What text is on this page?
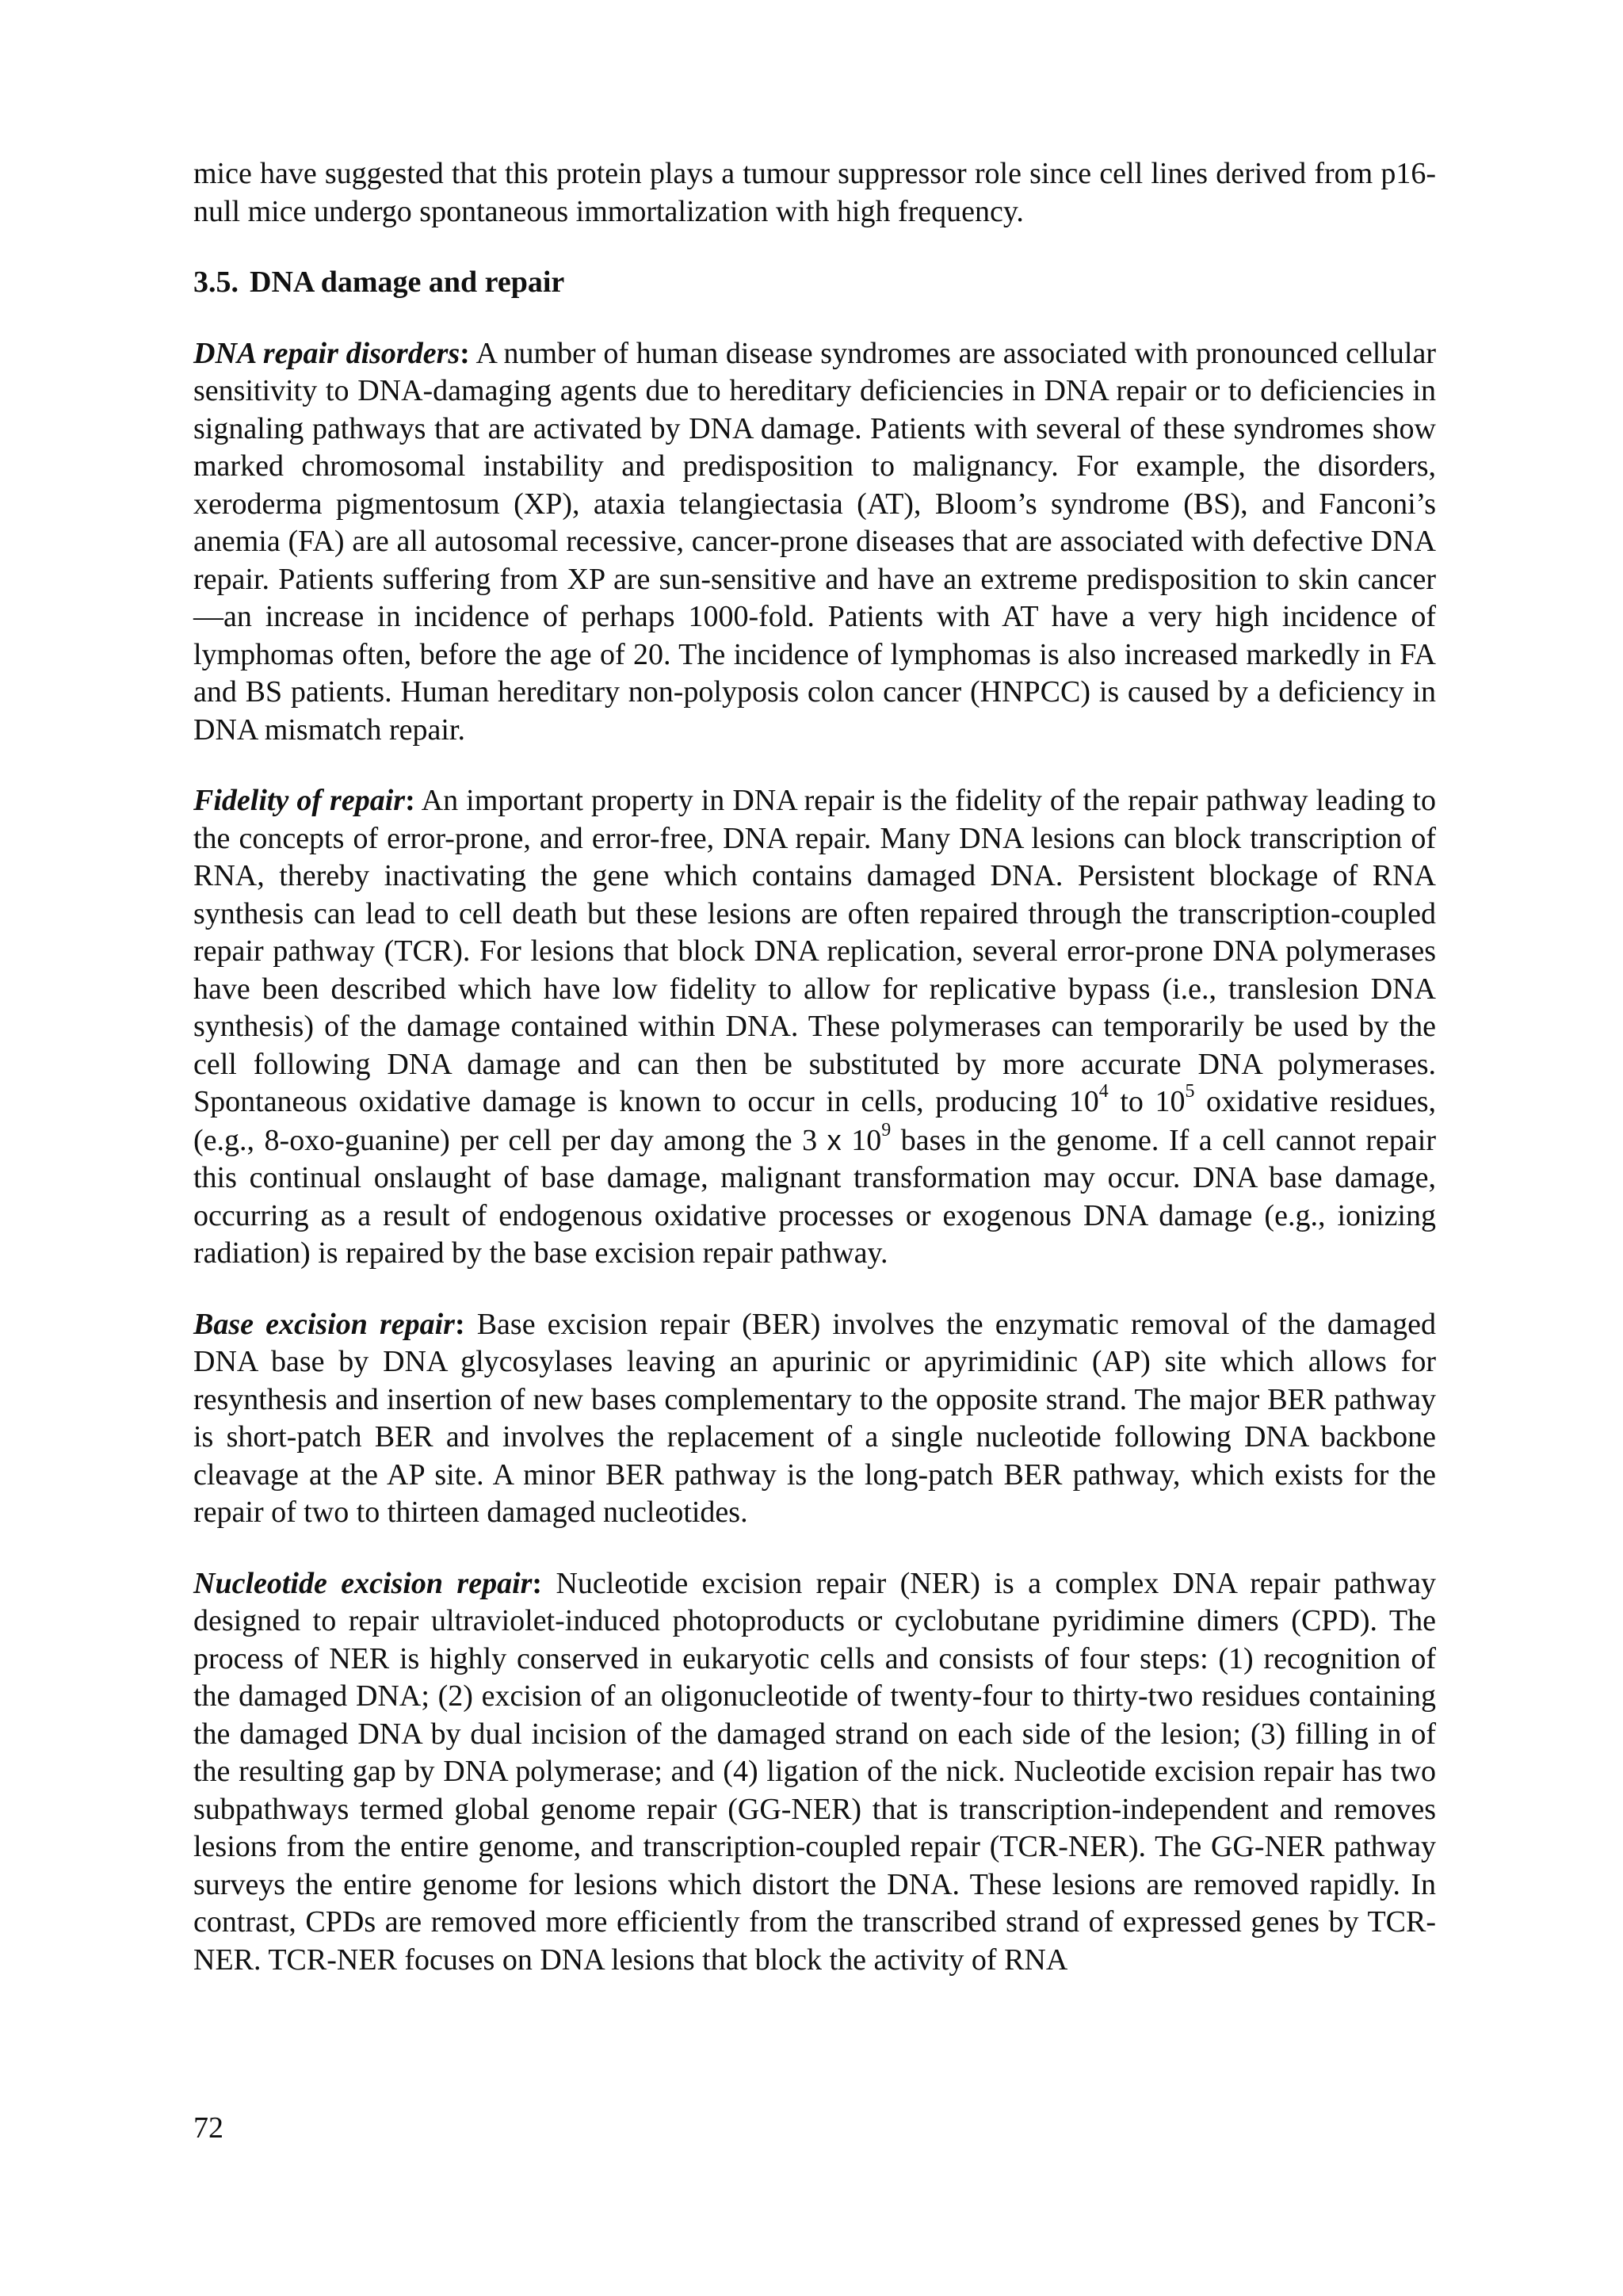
mice have suggested that this protein plays a tumour suppressor role since cell lines derived from p16-null mice undergo spontaneous immortalization with high frequency.

3.5. DNA damage and repair

DNA repair disorders: A number of human disease syndromes are associated with pronounced cellular sensitivity to DNA-damaging agents due to hereditary deficiencies in DNA repair or to deficiencies in signaling pathways that are activated by DNA damage. Patients with several of these syndromes show marked chromosomal instability and predisposition to malignancy. For example, the disorders, xeroderma pigmentosum (XP), ataxia telangiectasia (AT), Bloom’s syndrome (BS), and Fanconi’s anemia (FA) are all autosomal recessive, cancer-prone diseases that are associated with defective DNA repair. Patients suffering from XP are sun-sensitive and have an extreme predisposition to skin cancer—an increase in incidence of perhaps 1000-fold. Patients with AT have a very high incidence of lymphomas often, before the age of 20. The incidence of lymphomas is also increased markedly in FA and BS patients. Human hereditary non-polyposis colon cancer (HNPCC) is caused by a deficiency in DNA mismatch repair.

Fidelity of repair: An important property in DNA repair is the fidelity of the repair pathway leading to the concepts of error-prone, and error-free, DNA repair. Many DNA lesions can block transcription of RNA, thereby inactivating the gene which contains damaged DNA. Persistent blockage of RNA synthesis can lead to cell death but these lesions are often repaired through the transcription-coupled repair pathway (TCR). For lesions that block DNA replication, several error-prone DNA polymerases have been described which have low fidelity to allow for replicative bypass (i.e., translesion DNA synthesis) of the damage contained within DNA. These polymerases can temporarily be used by the cell following DNA damage and can then be substituted by more accurate DNA polymerases. Spontaneous oxidative damage is known to occur in cells, producing $10^4$ to $10^5$ oxidative residues, (e.g., 8-oxo-guanine) per cell per day among the 3 x $10^9$ bases in the genome. If a cell cannot repair this continual onslaught of base damage, malignant transformation may occur. DNA base damage, occurring as a result of endogenous oxidative processes or exogenous DNA damage (e.g., ionizing radiation) is repaired by the base excision repair pathway.

Base excision repair: Base excision repair (BER) involves the enzymatic removal of the damaged DNA base by DNA glycosylases leaving an apurinic or apyrimidinic (AP) site which allows for resynthesis and insertion of new bases complementary to the opposite strand. The major BER pathway is short-patch BER and involves the replacement of a single nucleotide following DNA backbone cleavage at the AP site. A minor BER pathway is the long-patch BER pathway, which exists for the repair of two to thirteen damaged nucleotides.

Nucleotide excision repair: Nucleotide excision repair (NER) is a complex DNA repair pathway designed to repair ultraviolet-induced photoproducts or cyclobutane pyridimine dimers (CPD). The process of NER is highly conserved in eukaryotic cells and consists of four steps: (1) recognition of the damaged DNA; (2) excision of an oligonucleotide of twenty-four to thirty-two residues containing the damaged DNA by dual incision of the damaged strand on each side of the lesion; (3) filling in of the resulting gap by DNA polymerase; and (4) ligation of the nick. Nucleotide excision repair has two subpathways termed global genome repair (GG-NER) that is transcription-independent and removes lesions from the entire genome, and transcription-coupled repair (TCR-NER). The GG-NER pathway surveys the entire genome for lesions which distort the DNA. These lesions are removed rapidly. In contrast, CPDs are removed more efficiently from the transcribed strand of expressed genes by TCR-NER. TCR-NER focuses on DNA lesions that block the activity of RNA

72
